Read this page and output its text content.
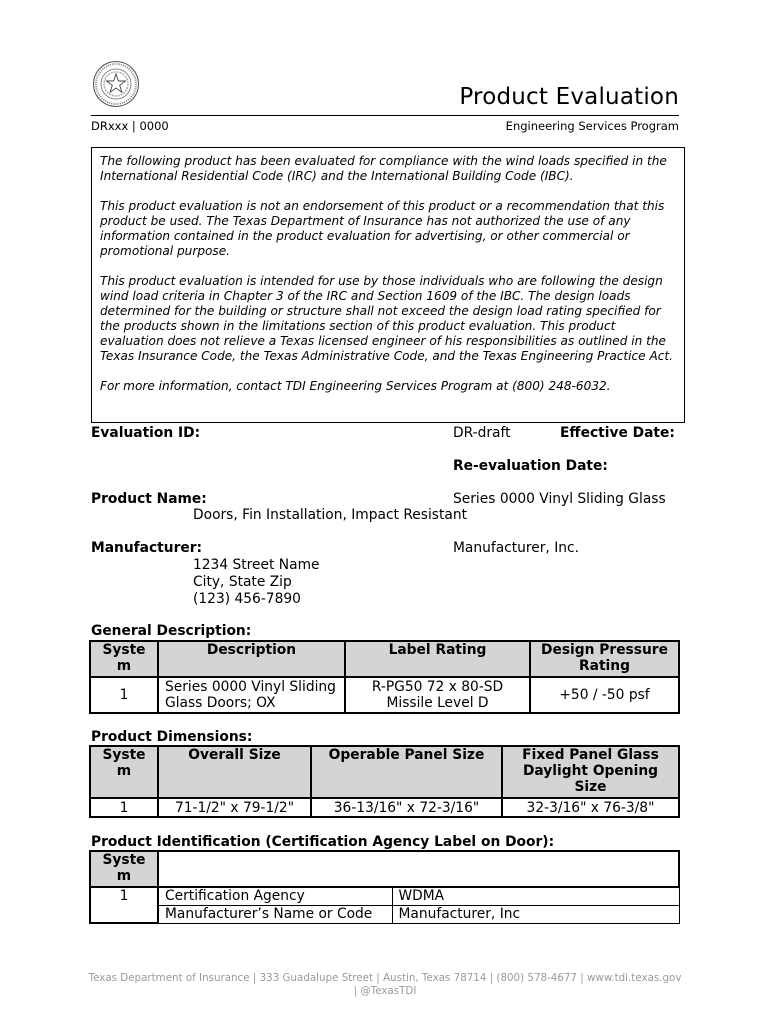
Product Evaluation
DRxxx | 0000	Engineering Services Program

The following product has been evaluated for compliance with the wind loads specified in the International Residential Code (IRC) and the International Building Code (IBC).

This product evaluation is not an endorsement of this product or a recommendation that this product be used. The Texas Department of Insurance has not authorized the use of any information contained in the product evaluation for advertising, or other commercial or promotional purpose.

This product evaluation is intended for use by those individuals who are following the design wind load criteria in Chapter 3 of the IRC and Section 1609 of the IBC. The design loads determined for the building or structure shall not exceed the design load rating specified for the products shown in the limitations section of this product evaluation. This product evaluation does not relieve a Texas licensed engineer of his responsibilities as outlined in the Texas Insurance Code, the Texas Administrative Code, and the Texas Engineering Practice Act.

For more information, contact TDI Engineering Services Program at (800) 248-6032.

Evaluation ID:	DR-draft	Effective Date:
Re-evaluation Date:
Product Name:	Series 0000 Vinyl Sliding Glass
Doors, Fin Installation, Impact Resistant
Manufacturer:	Manufacturer, Inc.
1234 Street Name
City, State Zip
(123) 456-7890
General Description:
Syste
m	Description	Label Rating	Design Pressure
Rating
1	Series 0000 Vinyl Sliding
Glass Doors; OX	R-PG50 72 x 80-SD
Missile Level D	+50 / -50 psf
Product Dimensions:
Syste
m	Overall Size	Operable Panel Size	Fixed Panel Glass
Daylight Opening
Size
1	71-1/2" x 79-1/2"	36-13/16" x 72-3/16"	32-3/16" x 76-3/8"
Product Identification (Certification Agency Label on Door):
Syste
m		
1	Certification Agency	WDMA
	Manufacturer’s Name or Code	Manufacturer, Inc
Texas Department of Insurance | 333 Guadalupe Street | Austin, Texas 78714 | (800) 578-4677 | www.tdi.texas.gov
| @TexasTDI
